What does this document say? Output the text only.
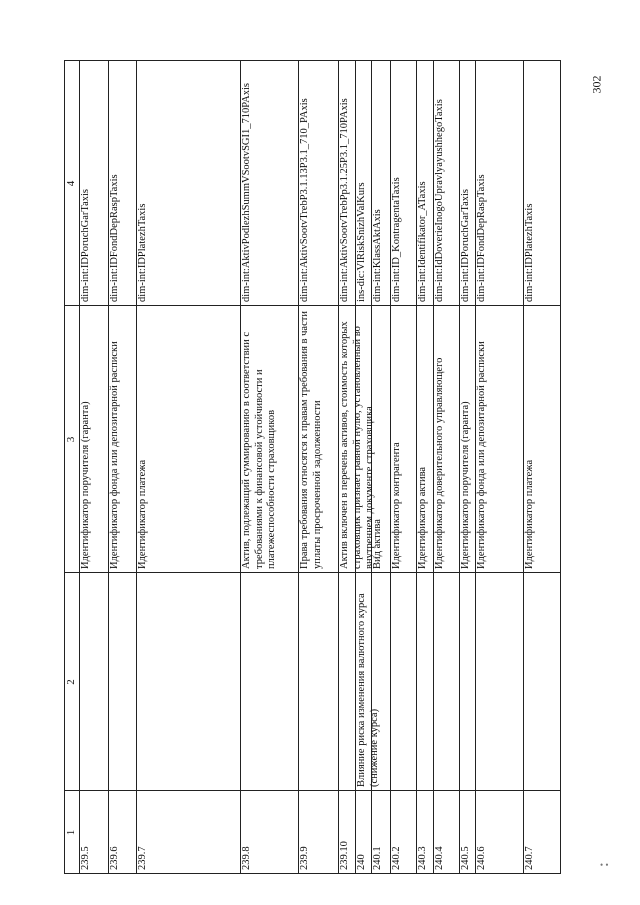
302
• •
1
2
3
4
239.5
Идентификатор поручителя (гаранта)
dim-int:IDPoruchGarTaxis
239.6
Идентификатор фонда или депозитарной расписки
dim-int:IDFondDepRaspTaxis
239.7
Идентификатор платежа
dim-int:IDPlatezhTaxis
239.8
Актив, подлежащий суммированию в соответствии с требованиями к финансовой устойчивости и платежеспособности страховщиков
dim-int:AktivPodlezhSummVSootvSGI1_710PAxis
239.9
Права требования относятся к правам требования в части уплаты просроченной задолженности
dim-int:AktivSootvTrebP3.1.13P3.1_710_PAxis
239.10
Актив включен в перечень активов, стоимость которых страховщик признает равной нулю, установленный во внутреннем документе страховщика
dim-int:AktivSootvTrebPp3.1.25P3.1_710PAxis
240
Влияние риска изменения валютного курса (снижение курса)
ins-dic:VlRiskSnizhValKurs
240.1
Вид актива
dim-int:KlassAktAxis
240.2
Идентификатор контрагента
dim-int:ID_KontragentaTaxis
240.3
Идентификатор актива
dim-int:Identifikator_ATaxis
240.4
Идентификатор доверительного управляющего
dim-int:IdDoverieInogoUpravlyayushhegoTaxis
240.5
Идентификатор поручителя (гаранта)
dim-int:IDPoruchGarTaxis
240.6
Идентификатор фонда или депозитарной расписки
dim-int:IDFondDepRaspTaxis
240.7
Идентификатор платежа
dim-int:IDPlatezhTaxis
